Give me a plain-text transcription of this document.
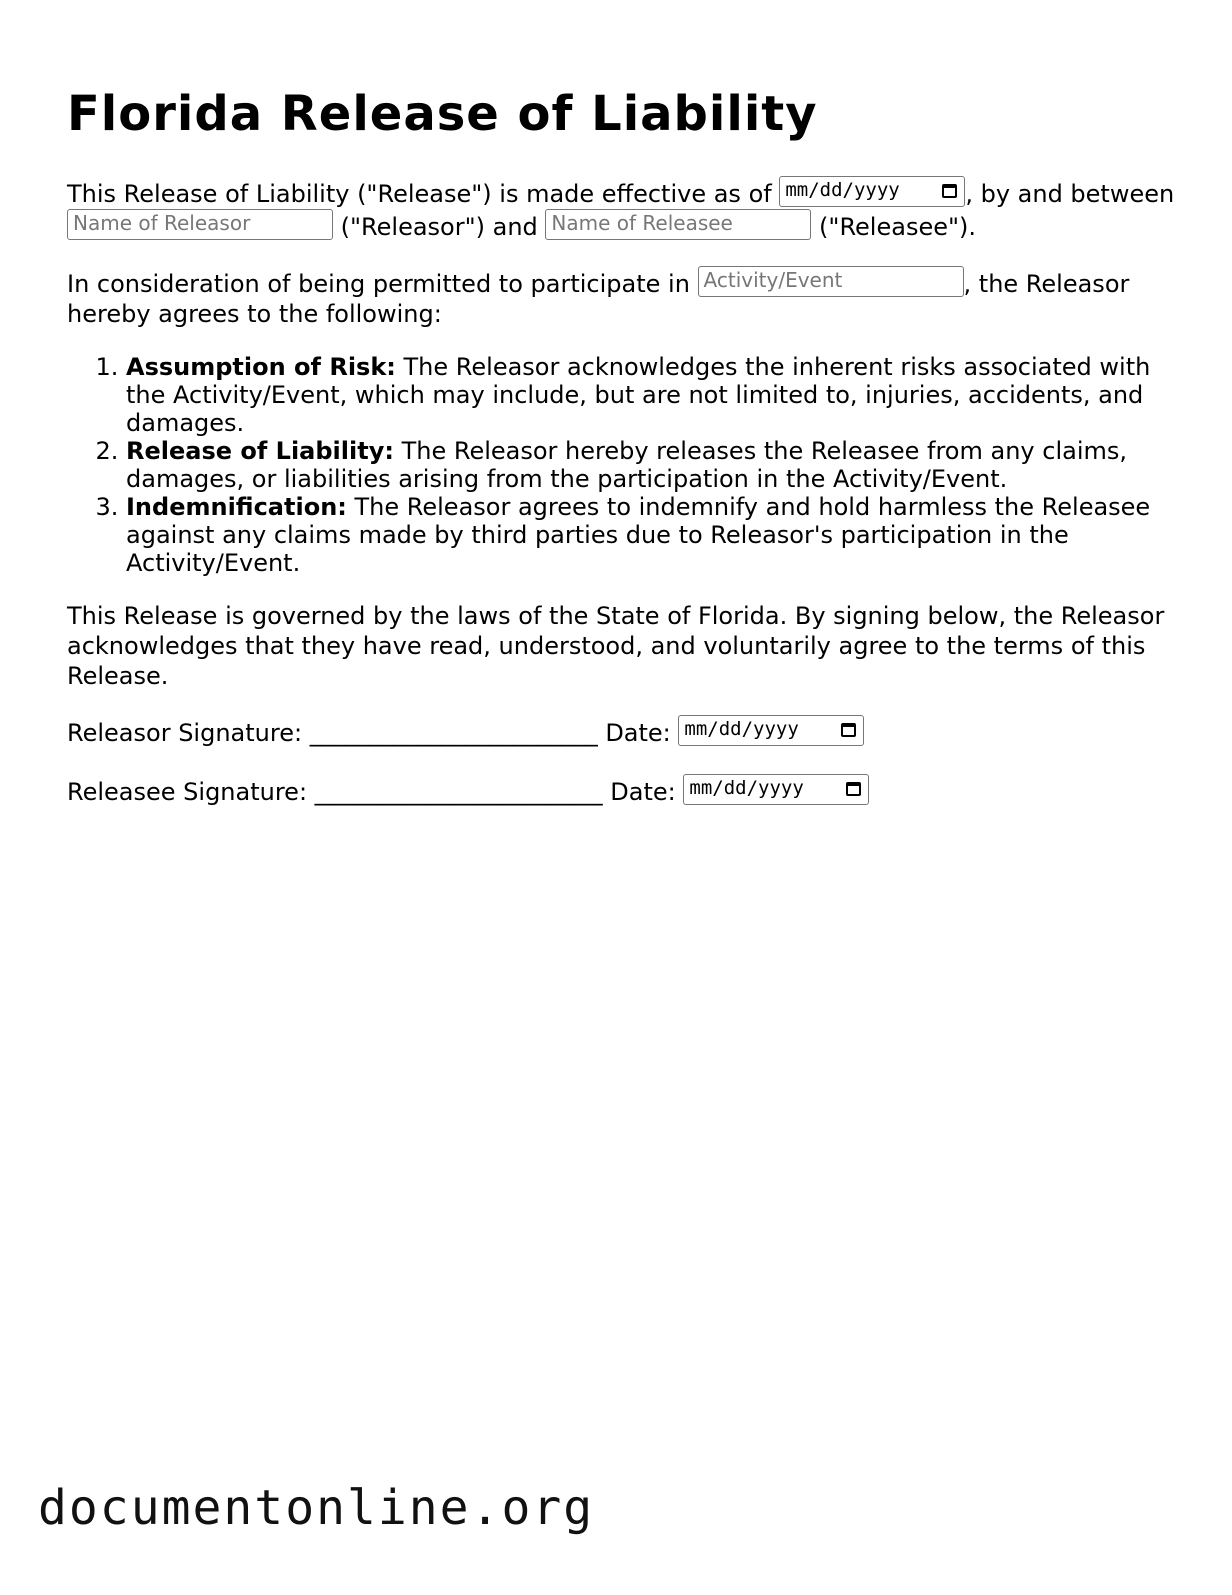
Florida Release of Liability

This Release of Liability ("Release") is made effective as of mm/dd/yyyy	, by and between Name of Releasor	("Releasor") and Name of Releasee	("Releasee").

In consideration of being permitted to participate in Activity/Event	, the Releasor hereby agrees to the following:

1. Assumption of Risk: The Releasor acknowledges the inherent risks associated with the Activity/Event, which may include, but are not limited to, injuries, accidents, and damages.
2. Release of Liability: The Releasor hereby releases the Releasee from any claims, damages, or liabilities arising from the participation in the Activity/Event.
3. Indemnification: The Releasor agrees to indemnify and hold harmless the Releasee against any claims made by third parties due to Releasor's participation in the Activity/Event.

This Release is governed by the laws of the State of Florida. By signing below, the Releasor acknowledges that they have read, understood, and voluntarily agree to the terms of this Release.

Releasor Signature: ________________________ Date: mm/dd/yyyy

Releasee Signature: ________________________ Date: mm/dd/yyyy

documentonline.org
